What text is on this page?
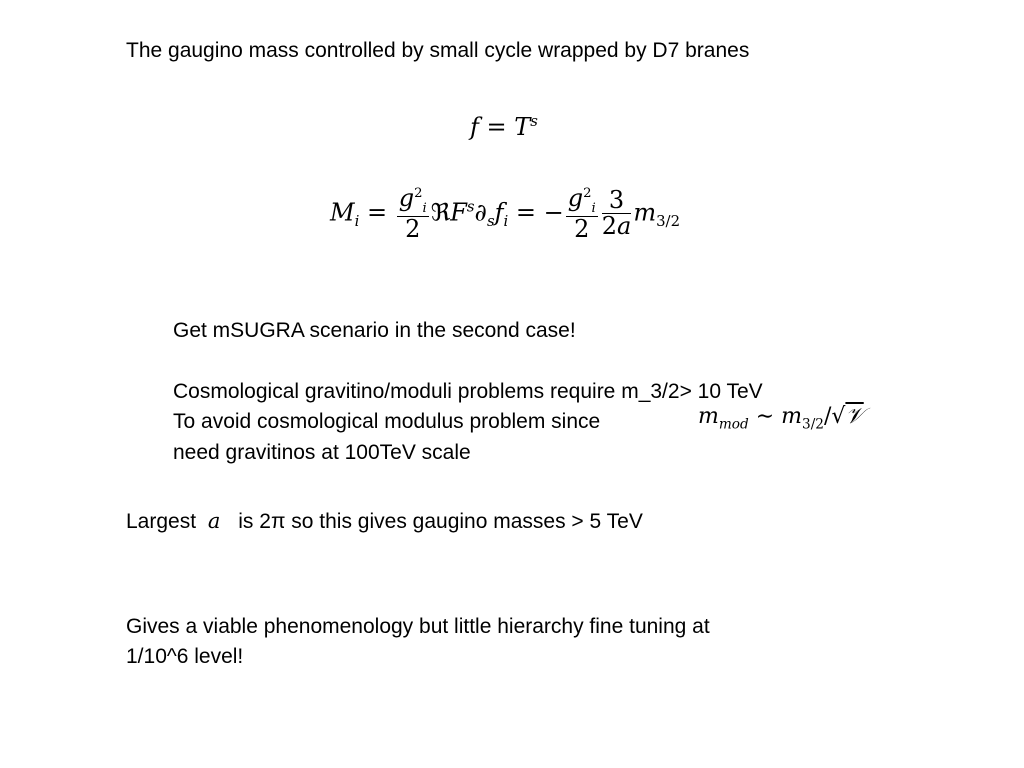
The gaugino mass controlled by small cycle wrapped by D7 branes
$f = T^s$
$M_i = \frac{g^2_i}{2}$ $ℜF^s\partial_sf_i$ = − $\frac{g^2_i}{2} \frac{3}{2a} m_{3/2}$
Get mSUGRA scenario in the second case!
Cosmological gravitino/moduli problems require m_3/2> 10 TeV
To avoid cosmological modulus problem since	$m_{mod}$ ∼ $m_{3/2}/√𝒱$
need gravitinos at 100TeV scale
Largest a is 2π so this gives gaugino masses > 5 TeV
Gives a viable phenomenology but little hierarchy fine tuning at
1/10^6 level!
